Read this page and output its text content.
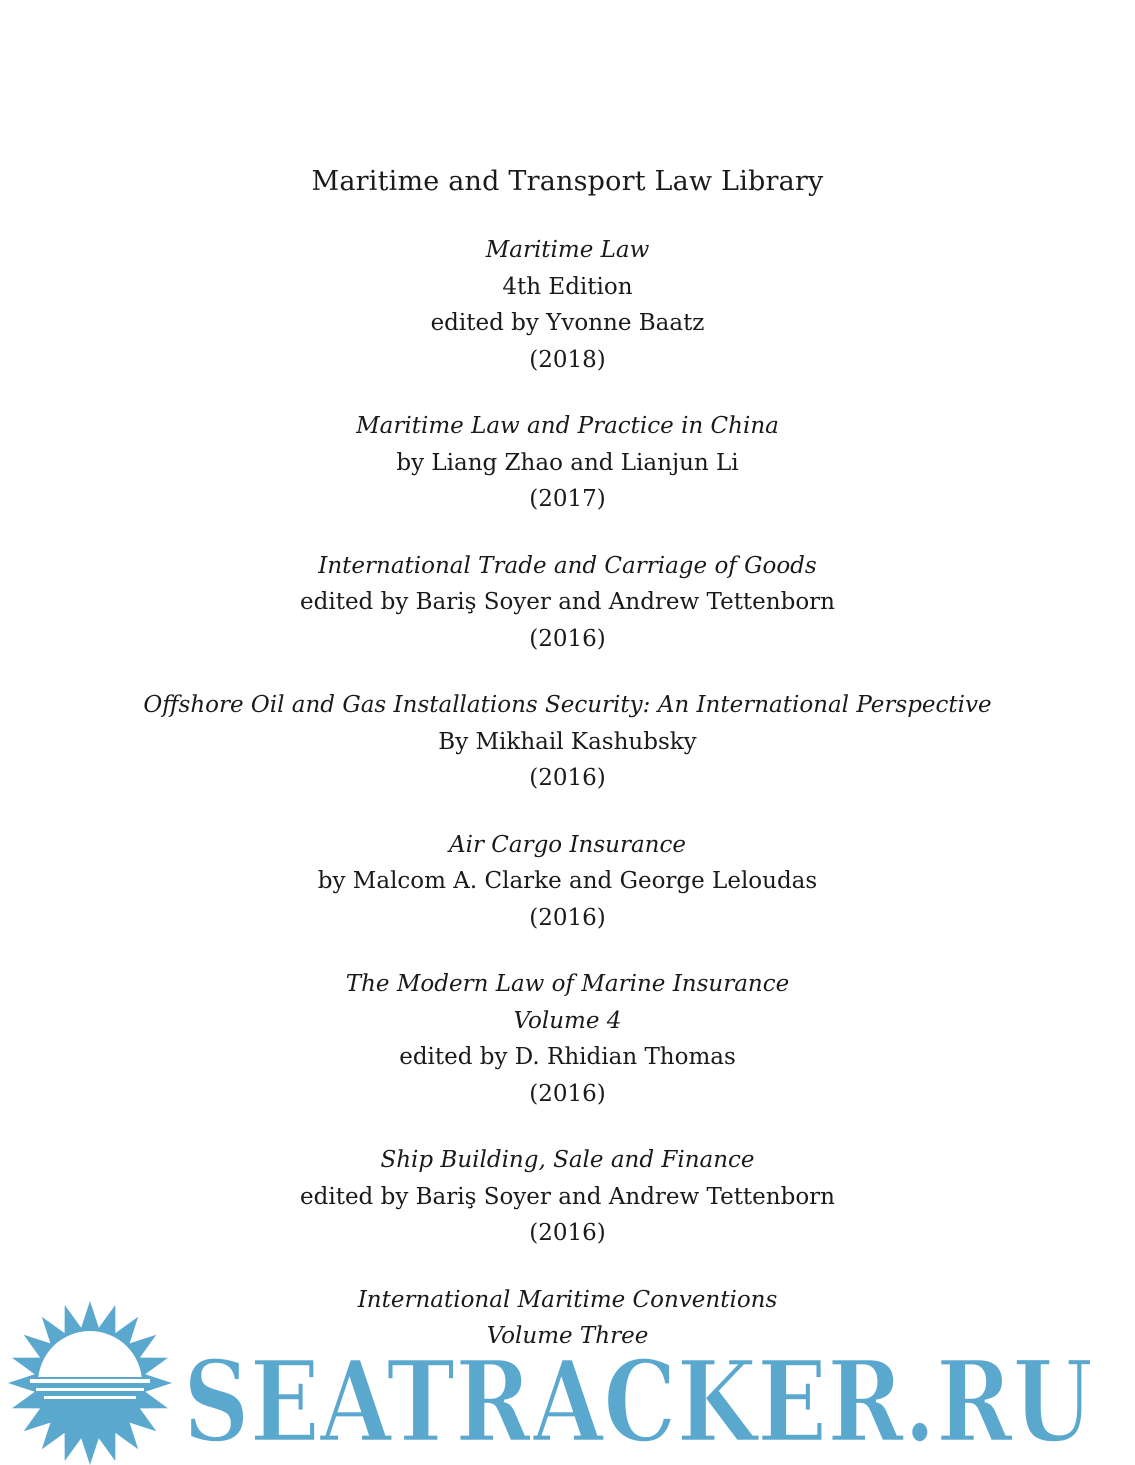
Maritime and Transport Law Library
Maritime Law
4th Edition
edited by Yvonne Baatz
(2018)
Maritime Law and Practice in China
by Liang Zhao and Lianjun Li
(2017)
International Trade and Carriage of Goods
edited by Bariş Soyer and Andrew Tettenborn
(2016)
Offshore Oil and Gas Installations Security: An International Perspective
By Mikhail Kashubsky
(2016)
Air Cargo Insurance
by Malcom A. Clarke and George Leloudas
(2016)
The Modern Law of Marine Insurance
Volume 4
edited by D. Rhidian Thomas
(2016)
Ship Building, Sale and Finance
edited by Bariş Soyer and Andrew Tettenborn
(2016)
International Maritime Conventions
Volume Three
SEATRACKER.RU
